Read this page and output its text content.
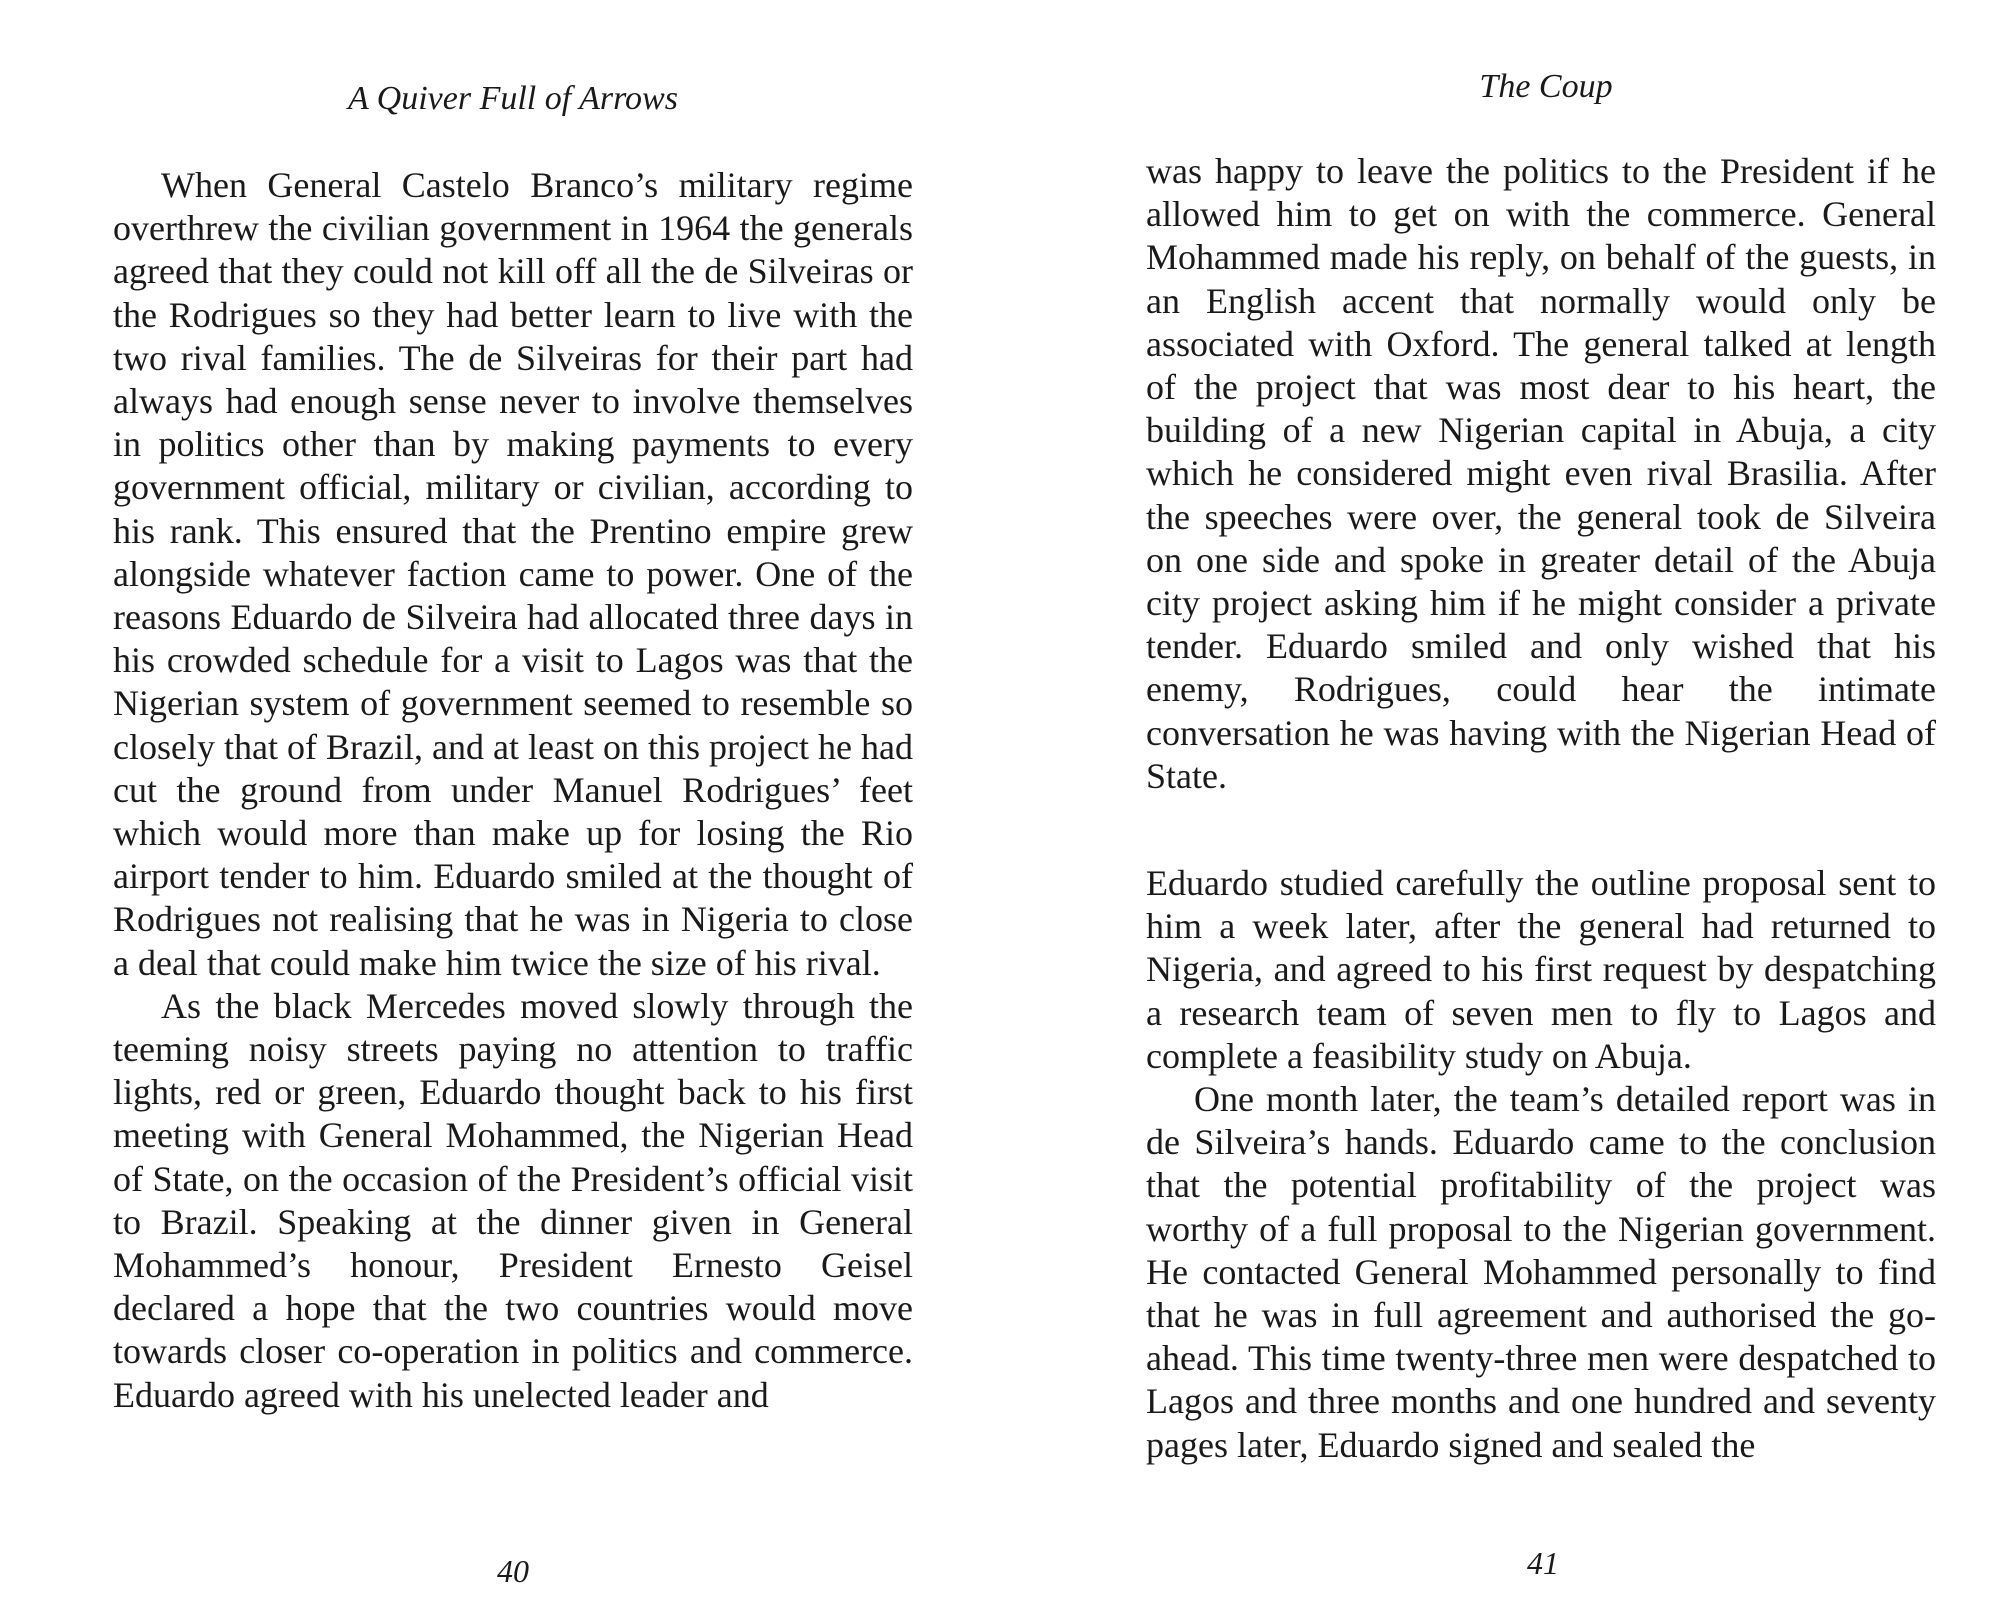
A Quiver Full of Arrows

When General Castelo Branco’s military regime overthrew the civilian government in 1964 the generals agreed that they could not kill off all the de Silveiras or the Rodrigues so they had better learn to live with the two rival families. The de Silveiras for their part had always had enough sense never to involve themselves in politics other than by making payments to every government official, military or civilian, according to his rank. This ensured that the Prentino empire grew alongside whatever faction came to power. One of the reasons Eduardo de Silveira had allocated three days in his crowded schedule for a visit to Lagos was that the Nigerian system of government seemed to resemble so closely that of Brazil, and at least on this project he had cut the ground from under Manuel Rodrigues’ feet which would more than make up for losing the Rio airport tender to him. Eduardo smiled at the thought of Rodrigues not realising that he was in Nigeria to close a deal that could make him twice the size of his rival.

As the black Mercedes moved slowly through the teeming noisy streets paying no attention to traffic lights, red or green, Eduardo thought back to his first meeting with General Mohammed, the Nigerian Head of State, on the occasion of the President’s official visit to Brazil. Speaking at the dinner given in General Mohammed’s honour, President Ernesto Geisel declared a hope that the two countries would move towards closer co-operation in politics and commerce. Eduardo agreed with his unelected leader and

40
The Coup

was happy to leave the politics to the President if he allowed him to get on with the commerce. General Mohammed made his reply, on behalf of the guests, in an English accent that normally would only be associated with Oxford. The general talked at length of the project that was most dear to his heart, the building of a new Nigerian capital in Abuja, a city which he considered might even rival Brasilia. After the speeches were over, the general took de Silveira on one side and spoke in greater detail of the Abuja city project asking him if he might consider a private tender. Eduardo smiled and only wished that his enemy, Rodrigues, could hear the intimate conversation he was having with the Nigerian Head of State.

Eduardo studied carefully the outline proposal sent to him a week later, after the general had returned to Nigeria, and agreed to his first request by despatching a research team of seven men to fly to Lagos and complete a feasibility study on Abuja.

One month later, the team’s detailed report was in de Silveira’s hands. Eduardo came to the conclusion that the potential profitability of the project was worthy of a full proposal to the Nigerian government. He contacted General Mohammed personally to find that he was in full agreement and authorised the go-ahead. This time twenty-three men were despatched to Lagos and three months and one hundred and seventy pages later, Eduardo signed and sealed the

41
